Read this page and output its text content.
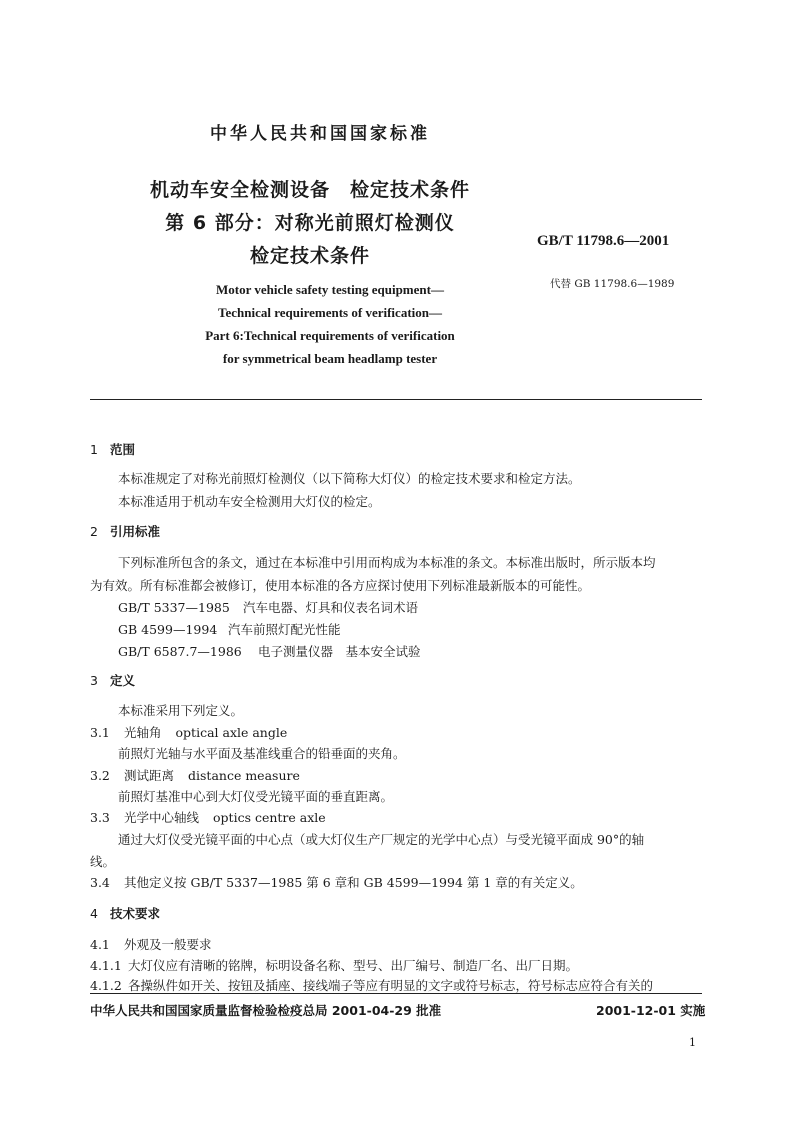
中华人民共和国国家标准
机动车安全检测设备　检定技术条件
第 6 部分：对称光前照灯检测仪
检定技术条件
GB/T 11798.6—2001
代替 GB 11798.6—1989
Motor vehicle safety testing equipment—
Technical requirements of verification—
Part 6:Technical requirements of verification
for symmetrical beam headlamp tester
1 范围
本标准规定了对称光前照灯检测仪（以下简称大灯仪）的检定技术要求和检定方法。
本标准适用于机动车安全检测用大灯仪的检定。
2 引用标准
下列标准所包含的条文，通过在本标准中引用而构成为本标准的条文。本标准出版时，所示版本均
为有效。所有标准都会被修订，使用本标准的各方应探讨使用下列标准最新版本的可能性。
GB/T 5337—1985 汽车电器、灯具和仪表名词术语
GB 4599—1994 汽车前照灯配光性能
GB/T 6587.7—1986 电子测量仪器　基本安全试验
3 定义
本标准采用下列定义。
3.1 光轴角 optical axle angle
前照灯光轴与水平面及基准线重合的铅垂面的夹角。
3.2 测试距离 distance measure
前照灯基准中心到大灯仪受光镜平面的垂直距离。
3.3 光学中心轴线 optics centre axle
通过大灯仪受光镜平面的中心点（或大灯仪生产厂规定的光学中心点）与受光镜平面成 90°的轴
线。
3.4 其他定义按 GB/T 5337—1985 第 6 章和 GB 4599—1994 第 1 章的有关定义。
4 技术要求
4.1 外观及一般要求
4.1.1 大灯仪应有清晰的铭牌，标明设备名称、型号、出厂编号、制造厂名、出厂日期。
4.1.2 各操纵件如开关、按钮及插座、接线端子等应有明显的文字或符号标志，符号标志应符合有关的
中华人民共和国国家质量监督检验检疫总局 2001-04-29 批准	2001-12-01 实施
1
